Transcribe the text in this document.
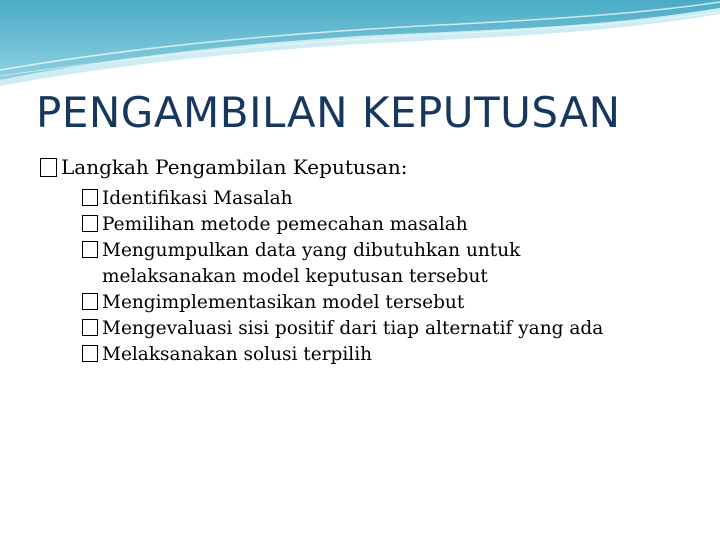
PENGAMBILAN KEPUTUSAN
Langkah Pengambilan Keputusan:
Identifikasi Masalah
Pemilihan metode pemecahan masalah
Mengumpulkan data yang dibutuhkan untuk melaksanakan model keputusan tersebut
Mengimplementasikan model tersebut
Mengevaluasi sisi positif dari tiap alternatif yang ada
Melaksanakan solusi terpilih
